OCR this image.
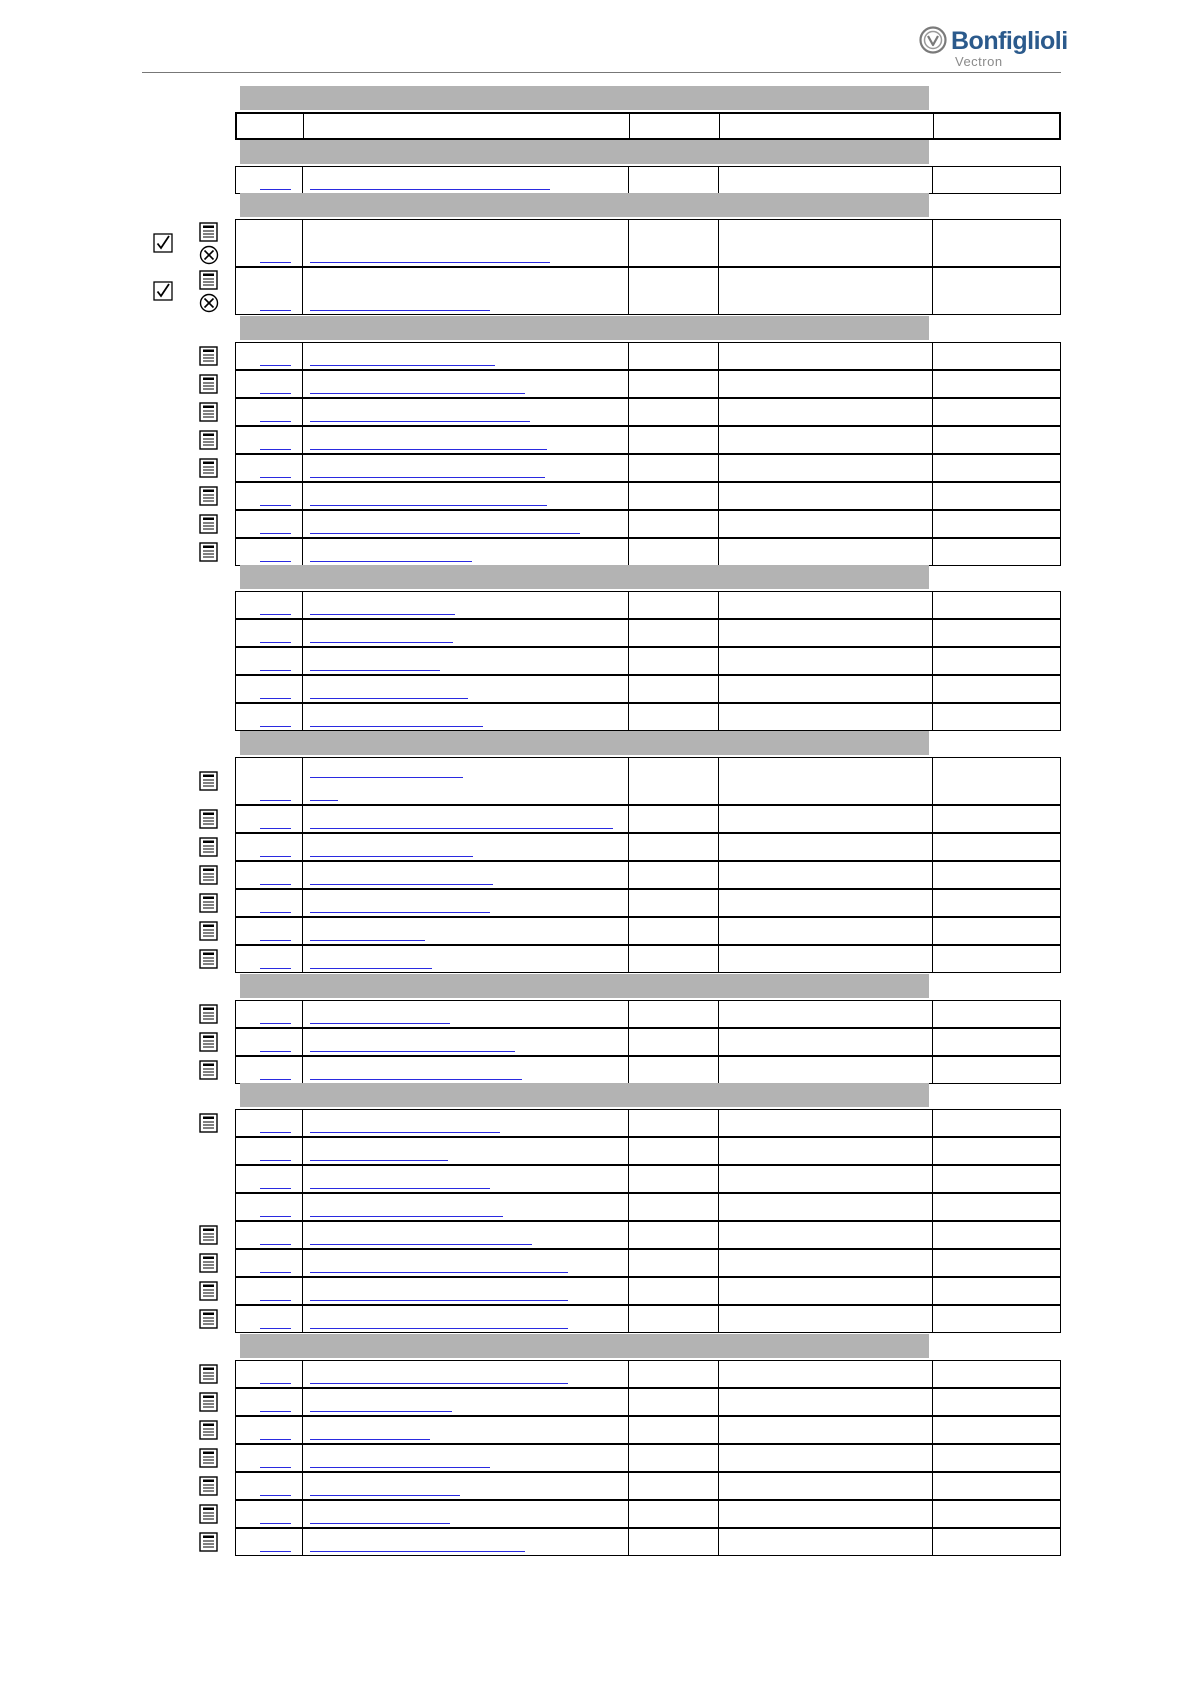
Bonfiglioli
Vectron
